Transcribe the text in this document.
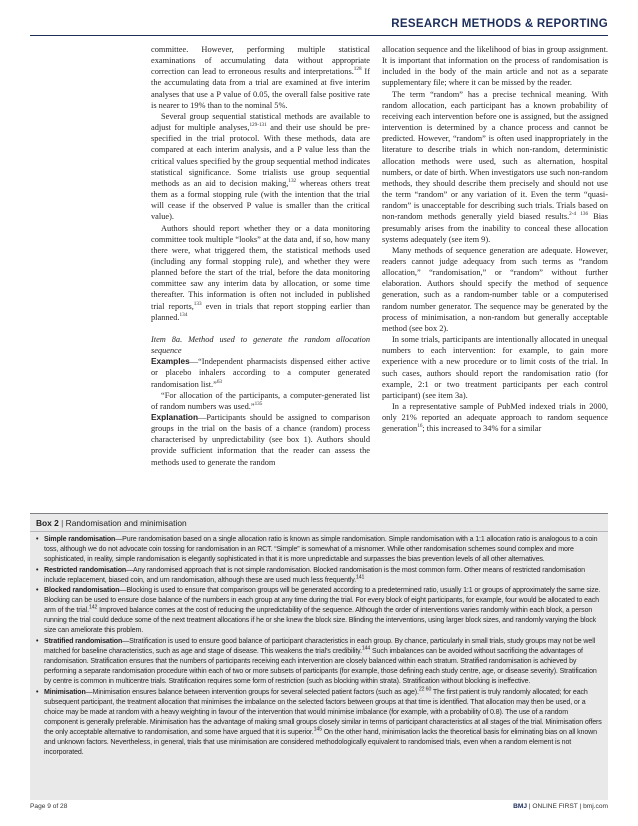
RESEARCH METHODS & REPORTING

committee. However, performing multiple statistical examinations of accumulating data without appropriate correction can lead to erroneous results and interpretations.$^{128}$ If the accumulating data from a trial are examined at five interim analyses that use a P value of 0.05, the overall false positive rate is nearer to 19% than to the nominal 5%.

Several group sequential statistical methods are available to adjust for multiple analyses,$^{129-131}$ and their use should be pre-specified in the trial protocol. With these methods, data are compared at each interim analysis, and a P value less than the critical values specified by the group sequential method indicates statistical significance. Some trialists use group sequential methods as an aid to decision making,$^{132}$ whereas others treat them as a formal stopping rule (with the intention that the trial will cease if the observed P value is smaller than the critical value).

Authors should report whether they or a data monitoring committee took multiple “looks” at the data and, if so, how many there were, what triggered them, the statistical methods used (including any formal stopping rule), and whether they were planned before the start of the trial, before the data monitoring committee saw any interim data by allocation, or some time thereafter. This information is often not included in published trial reports,$^{133}$ even in trials that report stopping earlier than planned.$^{134}$

Item 8a. Method used to generate the random allocation sequence

Examples—“Independent pharmacists dispensed either active or placebo inhalers according to a computer generated randomisation list.”$^{63}$

“For allocation of the participants, a computer-generated list of random numbers was used.”$^{135}$

Explanation—Participants should be assigned to comparison groups in the trial on the basis of a chance (random) process characterised by unpredictability (see box 1). Authors should provide sufficient information that the reader can assess the methods used to generate the random

allocation sequence and the likelihood of bias in group assignment. It is important that information on the process of randomisation is included in the body of the main article and not as a separate supplementary file; where it can be missed by the reader.

The term “random” has a precise technical meaning. With random allocation, each participant has a known probability of receiving each intervention before one is assigned, but the assigned intervention is determined by a chance process and cannot be predicted. However, “random” is often used inappropriately in the literature to describe trials in which non-random, deterministic allocation methods were used, such as alternation, hospital numbers, or date of birth. When investigators use such non-random methods, they should describe them precisely and should not use the term “random” or any variation of it. Even the term “quasi-random” is unacceptable for describing such trials. Trials based on non-random methods generally yield biased results.$^{2-4 136}$ Bias presumably arises from the inability to conceal these allocation systems adequately (see item 9).

Many methods of sequence generation are adequate. However, readers cannot judge adequacy from such terms as “random allocation,” “randomisation,” or “random” without further elaboration. Authors should specify the method of sequence generation, such as a random-number table or a computerised random number generator. The sequence may be generated by the process of minimisation, a non-random but generally acceptable method (see box 2).

In some trials, participants are intentionally allocated in unequal numbers to each intervention: for example, to gain more experience with a new procedure or to limit costs of the trial. In such cases, authors should report the randomisation ratio (for example, 2:1 or two treatment participants per each control participant) (see item 3a).

In a representative sample of PubMed indexed trials in 2000, only 21% reported an adequate approach to random sequence generation$^{16}$; this increased to 34% for a similar

Box 2 | Randomisation and minimisation
• Simple randomisation—Pure randomisation based on a single allocation ratio is known as simple randomisation. Simple randomisation with a 1:1 allocation ratio is analogous to a coin toss, although we do not advocate coin tossing for randomisation in an RCT. “Simple” is somewhat of a misnomer. While other randomisation schemes sound complex and more sophisticated, in reality, simple randomisation is elegantly sophisticated in that it is more unpredictable and surpasses the bias prevention levels of all other alternatives.
• Restricted randomisation—Any randomised approach that is not simple randomisation. Blocked randomisation is the most common form. Other means of restricted randomisation include replacement, biased coin, and urn randomisation, although these are used much less frequently.$^{141}$
• Blocked randomisation—Blocking is used to ensure that comparison groups will be generated according to a predetermined ratio, usually 1:1 or groups of approximately the same size. Blocking can be used to ensure close balance of the numbers in each group at any time during the trial. For every block of eight participants, for example, four would be allocated to each arm of the trial.$^{142}$ Improved balance comes at the cost of reducing the unpredictability of the sequence. Although the order of interventions varies randomly within each block, a person running the trial could deduce some of the next treatment allocations if he or she knew the block size. Blinding the interventions, using larger block sizes, and randomly varying the block size can ameliorate this problem.
• Stratified randomisation—Stratification is used to ensure good balance of participant characteristics in each group. By chance, particularly in small trials, study groups may not be well matched for baseline characteristics, such as age and stage of disease. This weakens the trial’s credibility.$^{144}$ Such imbalances can be avoided without sacrificing the advantages of randomisation. Stratification ensures that the numbers of participants receiving each intervention are closely balanced within each stratum. Stratified randomisation is achieved by performing a separate randomisation procedure within each of two or more subsets of participants (for example, those defining each study centre, age, or disease severity). Stratification by centre is common in multicentre trials. Stratification requires some form of restriction (such as blocking within strata). Stratification without blocking is ineffective.
• Minimisation—Minimisation ensures balance between intervention groups for several selected patient factors (such as age).$^{22 60}$ The first patient is truly randomly allocated; for each subsequent participant, the treatment allocation that minimises the imbalance on the selected factors between groups at that time is identified. That allocation may then be used, or a choice may be made at random with a heavy weighting in favour of the intervention that would minimise imbalance (for example, with a probability of 0.8). The use of a random component is generally preferable. Minimisation has the advantage of making small groups closely similar in terms of participant characteristics at all stages of the trial. Minimisation offers the only acceptable alternative to randomisation, and some have argued that it is superior.$^{145}$ On the other hand, minimisation lacks the theoretical basis for eliminating bias on all known and unknown factors. Nevertheless, in general, trials that use minimisation are considered methodologically equivalent to randomised trials, even when a random element is not incorporated.
Page 9 of 28	BMJ | ONLINE FIRST | bmj.com
